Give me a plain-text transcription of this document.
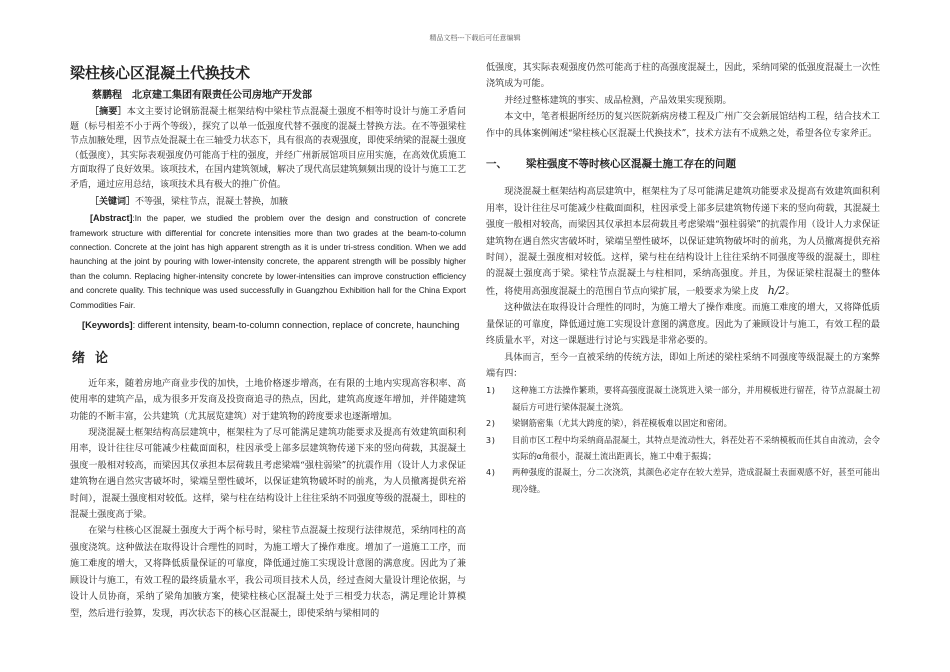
精品文档---下载后可任意编辑
梁柱核心区混凝土代换技术
蔡鹏程　北京建工集团有限责任公司房地产开发部

［摘要］本文主要讨论钢筋混凝土框架结构中梁柱节点混凝土强度不相等时设计与施工矛盾问题（标号相差不小于两个等级），探究了以单一低强度代替不强度的混凝土替换方法。在不等强梁柱节点加腋处理，因节点处混凝土在三轴受力状态下，具有很高的表观强度，即使采纳梁的混凝土强度（低强度），其实际表观强度仍可能高于柱的强度，并经广州新展馆项目应用实施，在高效优质施工方面取得了良好效果。该项技术，在国内建筑领域，解决了现代高层建筑频频出现的设计与施工工艺矛盾，通过应用总结，该项技术具有极大的推广价值。

［关键词］不等强，梁柱节点，混凝土替换，加腋

[Abstract]:In the paper, we studied the problem over the design and construction of concrete framework structure with differential for concrete intensities more than two grades at the beam-to-column connection. Concrete at the joint has high apparent strength as it is under tri-stress condition. When we add haunching at the joint by pouring with lower-intensity concrete, the apparent strength will be possibly higher than the column. Replacing higher-intensity concrete by lower-intensities can improve construction efficiency and concrete quality. This technique was used successfully in Guangzhou Exhibition hall for the China Export Commodities Fair.

[Keywords]: different intensity, beam-to-column connection, replace of concrete, haunching

绪论

近年来，随着房地产商业步伐的加快，土地价格逐步增高，在有限的土地内实现高容积率、高使用率的建筑产品，成为很多开发商及投资商追寻的热点，因此，建筑高度逐年增加，并伴随建筑功能的不断丰富，公共建筑（尤其展览建筑）对于建筑物的跨度要求也逐渐增加。

现浇混凝土框架结构高层建筑中，框架柱为了尽可能满足建筑功能要求及提高有效建筑面积利用率，设计往往尽可能减少柱截面面积，柱因承受上部多层建筑物传递下来的竖向荷载，其混凝土强度一般相对较高，而梁因其仅承担本层荷载且考虑梁端“强柱弱梁”的抗震作用（设计人力求保证建筑物在遇自然灾害破坏时，梁端呈塑性破坏，以保证建筑物破坏时的前兆，为人员撤离提供充裕时间），混凝土强度相对较低。这样，梁与柱在结构设计上往往采纳不同强度等级的混凝土，即柱的混凝土强度高于梁。

在梁与柱核心区混凝土强度大于两个标号时，梁柱节点混凝土按现行法律规范，采纳同柱的高强度浇筑。这种做法在取得设计合理性的同时，为施工增大了操作难度。增加了一道施工工序，而施工难度的增大，又将降低质量保证的可靠度，降低通过施工实现设计意图的满意度。因此为了兼顾设计与施工，有效工程的最终质量水平，我公司项目技术人员，经过查阅大量设计理论依据，与设计人员协商，采纳了梁角加腋方案，使梁柱核心区混凝土处于三相受力状态，满足理论计算模型，然后进行验算，发现，再次状态下的核心区混凝土，即使采纳与梁相同的

低强度，其实际表观强度仍然可能高于柱的高强度混凝土，因此，采纳同梁的低强度混凝土一次性浇筑成为可能。

并经过整栋建筑的事实、成品检测，产品效果实现预期。

本文中，笔者根据所经历的复兴医院新病房楼工程及广州广交会新展馆结构工程，结合技术工作中的具体案例阐述“梁柱核心区混凝土代换技术”，技术方法有不成熟之处，希望各位专家斧正。

一、 梁柱强度不等时核心区混凝土施工存在的问题

现浇混凝土框架结构高层建筑中，框架柱为了尽可能满足建筑功能要求及提高有效建筑面积利用率，设计往往尽可能减少柱截面面积，柱因承受上部多层建筑物传递下来的竖向荷载，其混凝土强度一般相对较高，而梁因其仅承担本层荷载且考虑梁端“强柱弱梁”的抗震作用（设计人力求保证建筑物在遇自然灾害破坏时，梁端呈塑性破坏，以保证建筑物破坏时的前兆，为人员撤离提供充裕时间），混凝土强度相对较低。这样，梁与柱在结构设计上往往采纳不同强度等级的混凝土，即柱的混凝土强度高于梁。梁柱节点混凝土与柱相同，采纳高强度。并且，为保证梁柱混凝土的整体性，将使用高强度混凝土的范围自节点向梁扩展，一般要求为梁上皮 h/2。

这种做法在取得设计合理性的同时，为施工增大了操作难度。而施工难度的增大，又将降低质量保证的可靠度，降低通过施工实现设计意图的满意度。因此为了兼顾设计与施工，有效工程的最终质量水平，对这一课题进行讨论与实践是非常必要的。

具体而言，至今一直被采纳的传统方法，即如上所述的梁柱采纳不同强度等级混凝土的方案弊端有四：

1) 这种施工方法操作繁琐，要将高强度混凝土浇筑进入梁一部分，并用模板进行留茬，待节点混凝土初凝后方可进行梁体混凝土浇筑。
2) 梁钢筋密集（尤其大跨度的梁），斜茬模板难以固定和密闭。
3) 目前市区工程中均采纳商品混凝土，其特点是流动性大，斜茬处若不采纳模板而任其自由流动，会令实际的α角很小，混凝土流出距离长，施工中难于振捣；
4) 两种强度的混凝土，分二次浇筑，其颜色必定存在较大差异，造成混凝土表面观感不好，甚至可能出现冷缝。
